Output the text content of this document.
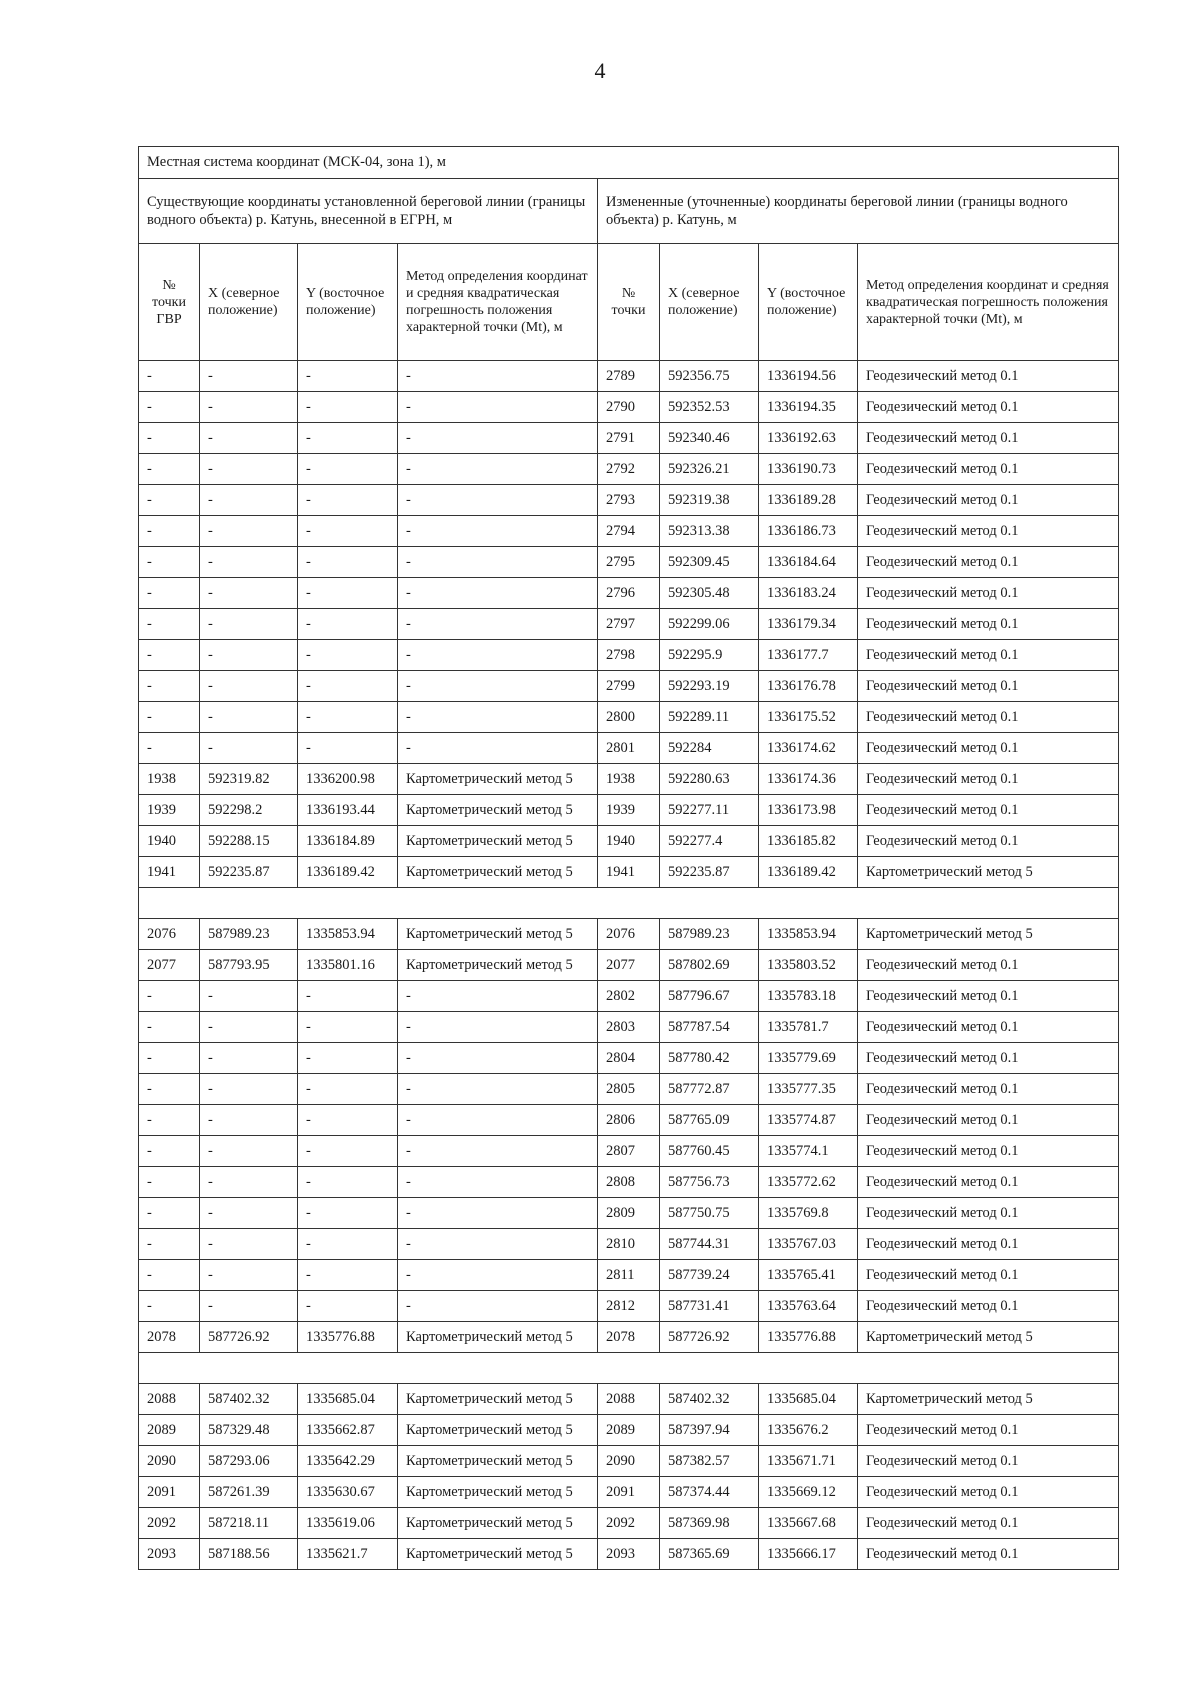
4
Местная система координат (МСК-04, зона 1), м							
Существующие координаты установленной береговой линии (границы водного объекта) р. Катунь, внесенной в ЕГРН, м				Измененные (уточненные) координаты береговой линии (границы водного объекта) р. Катунь, м			
№ точки ГВР	X (северное положение)	Y (восточное положение)	Метод определения координат и средняя квадратическая погрешность положения характерной точки (Mt), м	№ точки	X (северное положение)	Y (восточное положение)	Метод определения координат и средняя квадратическая погрешность положения характерной точки (Mt), м
-	-	-	-	2789	592356.75	1336194.56	Геодезический метод 0.1
-	-	-	-	2790	592352.53	1336194.35	Геодезический метод 0.1
-	-	-	-	2791	592340.46	1336192.63	Геодезический метод 0.1
-	-	-	-	2792	592326.21	1336190.73	Геодезический метод 0.1
-	-	-	-	2793	592319.38	1336189.28	Геодезический метод 0.1
-	-	-	-	2794	592313.38	1336186.73	Геодезический метод 0.1
-	-	-	-	2795	592309.45	1336184.64	Геодезический метод 0.1
-	-	-	-	2796	592305.48	1336183.24	Геодезический метод 0.1
-	-	-	-	2797	592299.06	1336179.34	Геодезический метод 0.1
-	-	-	-	2798	592295.9	1336177.7	Геодезический метод 0.1
-	-	-	-	2799	592293.19	1336176.78	Геодезический метод 0.1
-	-	-	-	2800	592289.11	1336175.52	Геодезический метод 0.1
-	-	-	-	2801	592284	1336174.62	Геодезический метод 0.1
1938	592319.82	1336200.98	Картометрический метод 5	1938	592280.63	1336174.36	Геодезический метод 0.1
1939	592298.2	1336193.44	Картометрический метод 5	1939	592277.11	1336173.98	Геодезический метод 0.1
1940	592288.15	1336184.89	Картометрический метод 5	1940	592277.4	1336185.82	Геодезический метод 0.1
1941	592235.87	1336189.42	Картометрический метод 5	1941	592235.87	1336189.42	Картометрический метод 5

2076	587989.23	1335853.94	Картометрический метод 5	2076	587989.23	1335853.94	Картометрический метод 5
2077	587793.95	1335801.16	Картометрический метод 5	2077	587802.69	1335803.52	Геодезический метод 0.1
-	-	-	-	2802	587796.67	1335783.18	Геодезический метод 0.1
-	-	-	-	2803	587787.54	1335781.7	Геодезический метод 0.1
-	-	-	-	2804	587780.42	1335779.69	Геодезический метод 0.1
-	-	-	-	2805	587772.87	1335777.35	Геодезический метод 0.1
-	-	-	-	2806	587765.09	1335774.87	Геодезический метод 0.1
-	-	-	-	2807	587760.45	1335774.1	Геодезический метод 0.1
-	-	-	-	2808	587756.73	1335772.62	Геодезический метод 0.1
-	-	-	-	2809	587750.75	1335769.8	Геодезический метод 0.1
-	-	-	-	2810	587744.31	1335767.03	Геодезический метод 0.1
-	-	-	-	2811	587739.24	1335765.41	Геодезический метод 0.1
-	-	-	-	2812	587731.41	1335763.64	Геодезический метод 0.1
2078	587726.92	1335776.88	Картометрический метод 5	2078	587726.92	1335776.88	Картометрический метод 5

2088	587402.32	1335685.04	Картометрический метод 5	2088	587402.32	1335685.04	Картометрический метод 5
2089	587329.48	1335662.87	Картометрический метод 5	2089	587397.94	1335676.2	Геодезический метод 0.1
2090	587293.06	1335642.29	Картометрический метод 5	2090	587382.57	1335671.71	Геодезический метод 0.1
2091	587261.39	1335630.67	Картометрический метод 5	2091	587374.44	1335669.12	Геодезический метод 0.1
2092	587218.11	1335619.06	Картометрический метод 5	2092	587369.98	1335667.68	Геодезический метод 0.1
2093	587188.56	1335621.7	Картометрический метод 5	2093	587365.69	1335666.17	Геодезический метод 0.1
